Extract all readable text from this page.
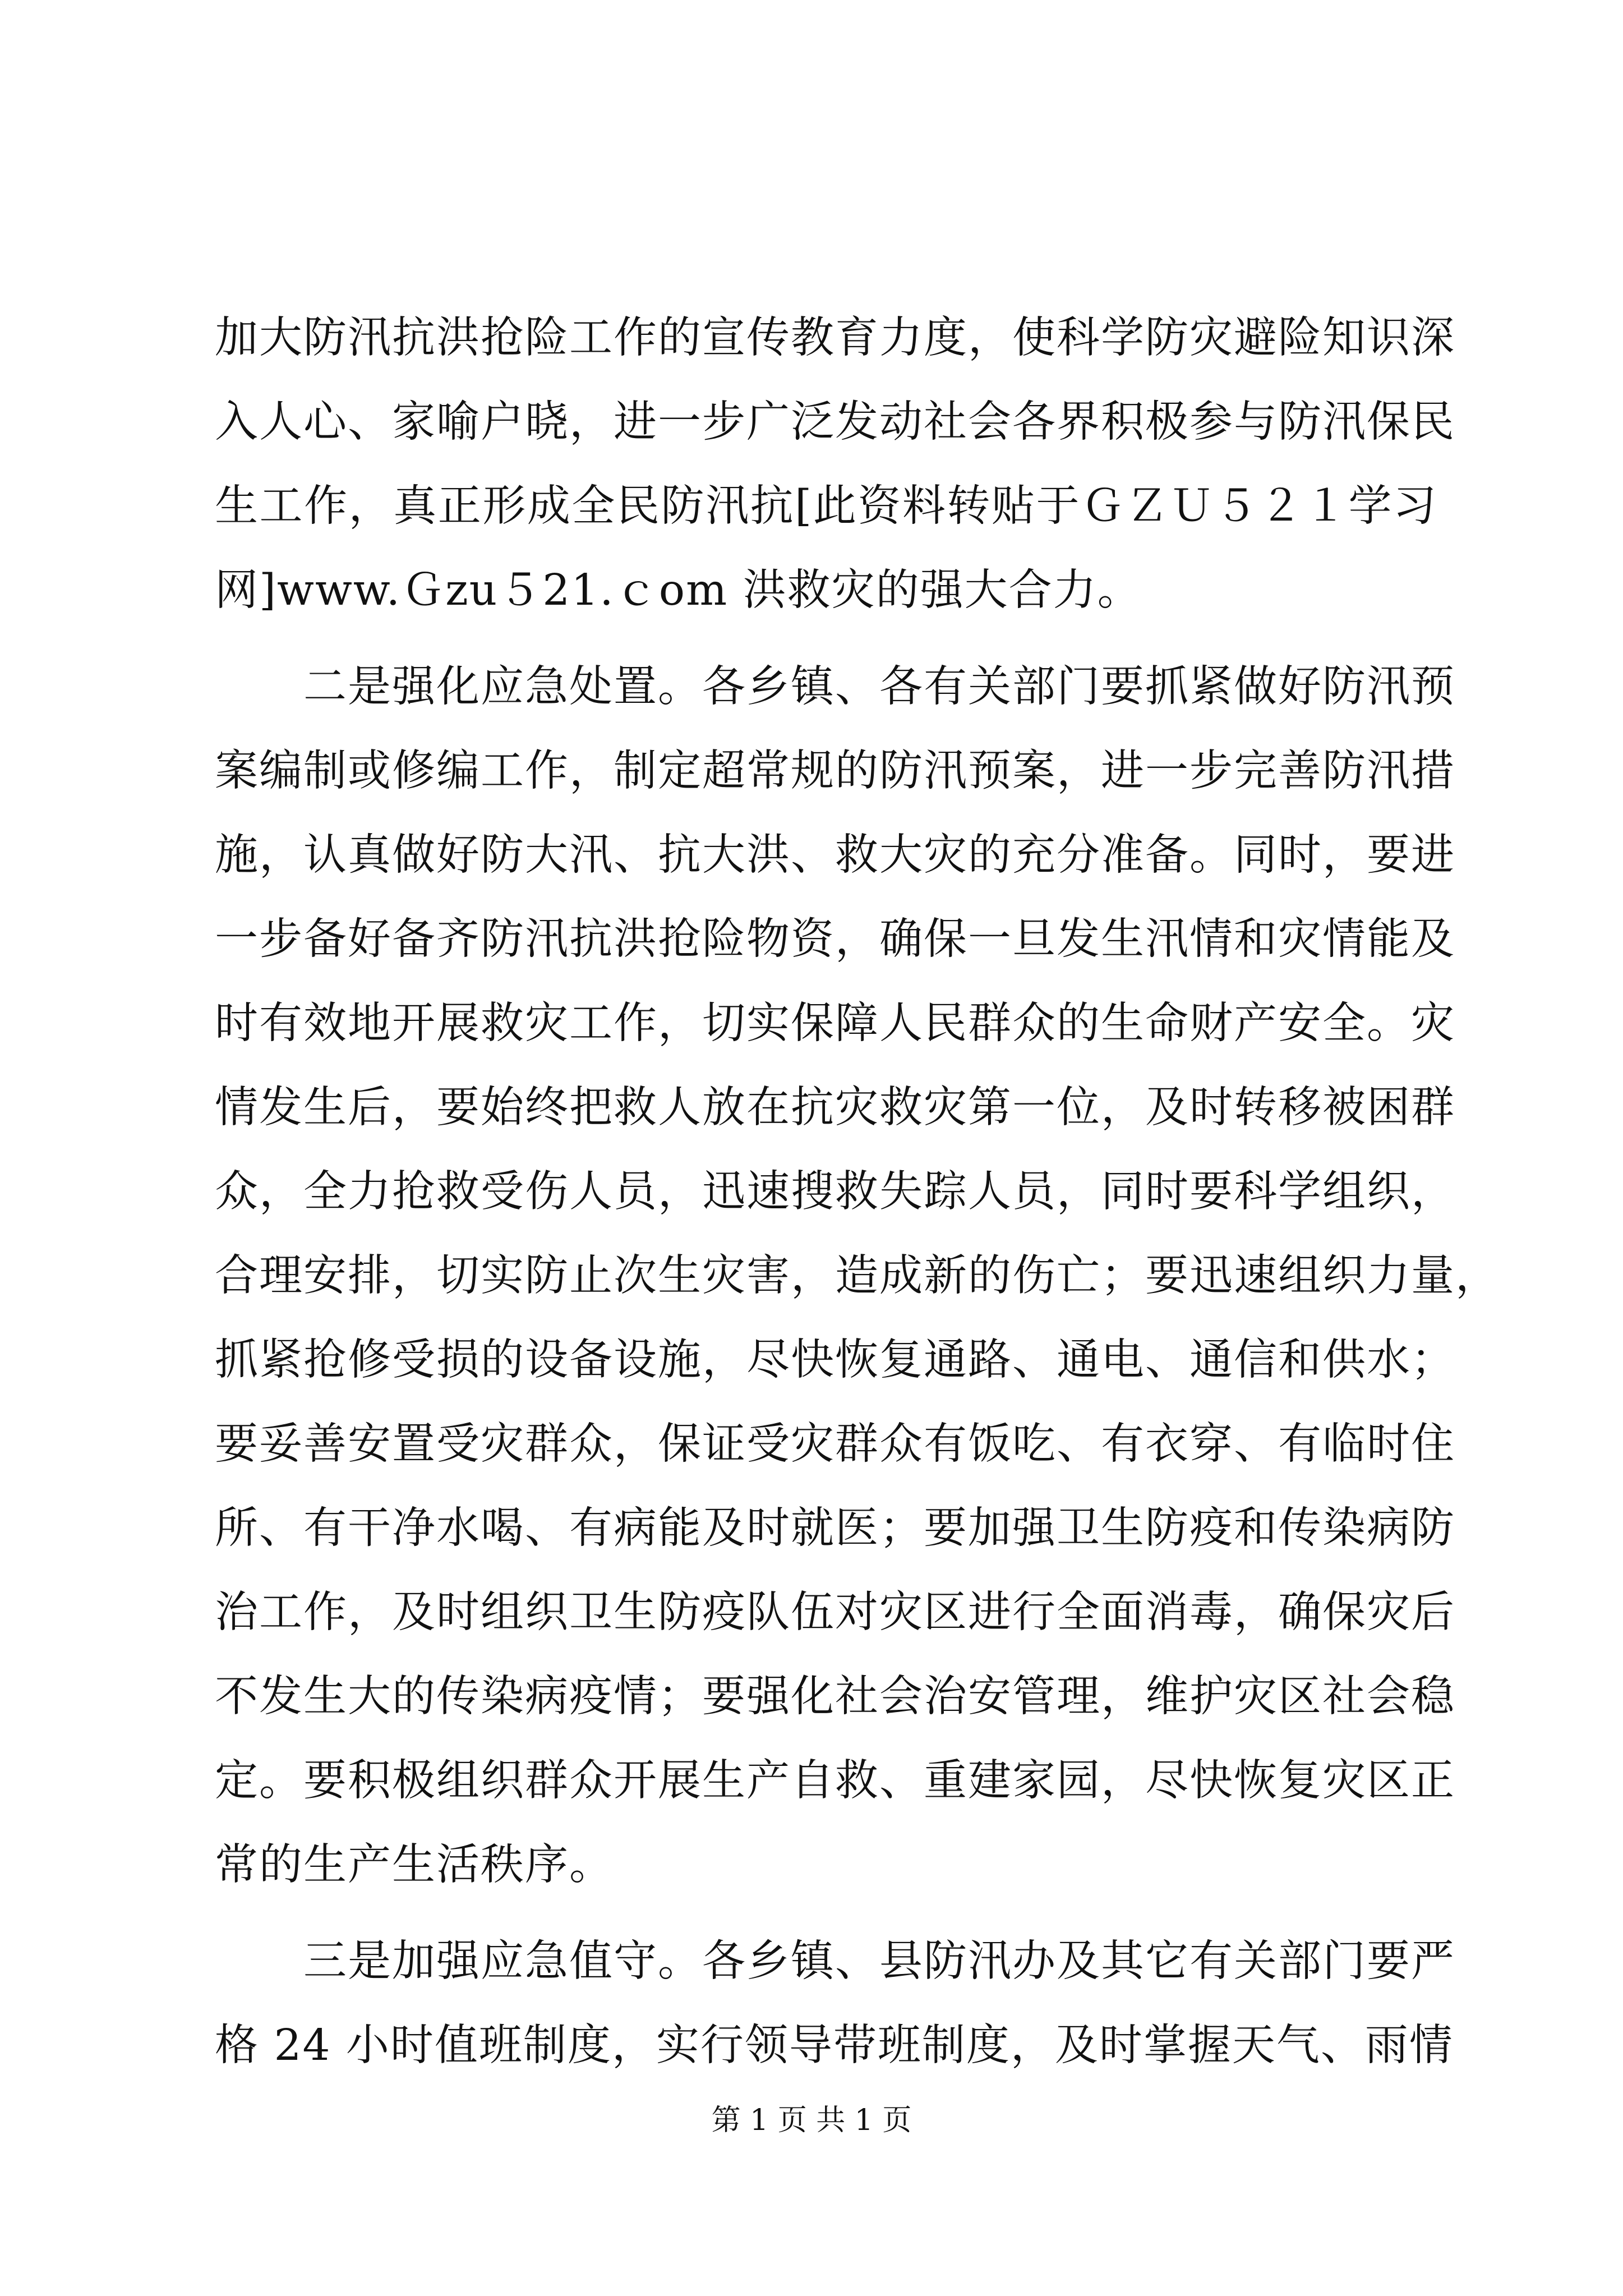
加大防汛抗洪抢险工作的宣传教育力度，使科学防灾避险知识深
入人心、家喻户晓，进一步广泛发动社会各界积极参与防汛保民
生工作，真正形成全民防汛抗[此资料转贴于ＧＺＵ５２１学习
网]www.Ｇzu５21.ｃom 洪救灾的强大合力。
二是强化应急处置。各乡镇、各有关部门要抓紧做好防汛预
案编制或修编工作，制定超常规的防汛预案，进一步完善防汛措
施，认真做好防大汛、抗大洪、救大灾的充分准备。同时，要进
一步备好备齐防汛抗洪抢险物资，确保一旦发生汛情和灾情能及
时有效地开展救灾工作，切实保障人民群众的生命财产安全。灾
情发生后，要始终把救人放在抗灾救灾第一位，及时转移被困群
众，全力抢救受伤人员，迅速搜救失踪人员，同时要科学组织，
合理安排，切实防止次生灾害，造成新的伤亡；要迅速组织力量，
抓紧抢修受损的设备设施，尽快恢复通路、通电、通信和供水；
要妥善安置受灾群众，保证受灾群众有饭吃、有衣穿、有临时住
所、有干净水喝、有病能及时就医；要加强卫生防疫和传染病防
治工作，及时组织卫生防疫队伍对灾区进行全面消毒，确保灾后
不发生大的传染病疫情；要强化社会治安管理，维护灾区社会稳
定。要积极组织群众开展生产自救、重建家园，尽快恢复灾区正
常的生产生活秩序。
三是加强应急值守。各乡镇、县防汛办及其它有关部门要严
格 24 小时值班制度，实行领导带班制度，及时掌握天气、雨情
第 1 页 共 1 页
